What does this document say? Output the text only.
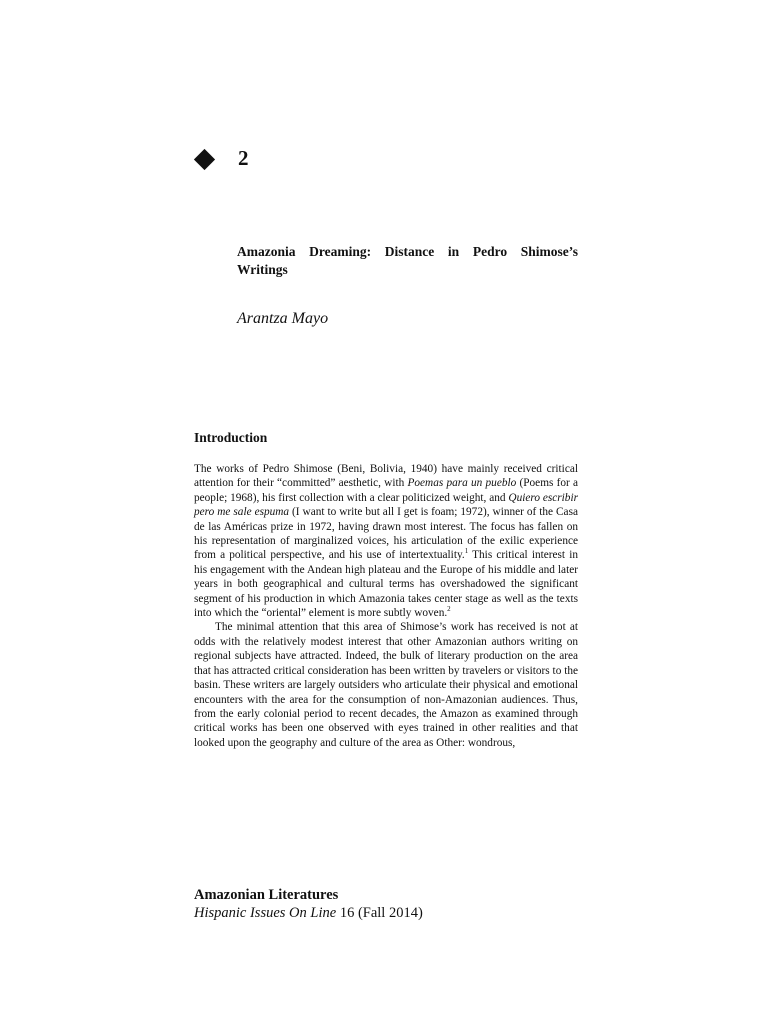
2
Amazonia Dreaming: Distance in Pedro Shimose’s Writings

Arantza Mayo

Introduction

The works of Pedro Shimose (Beni, Bolivia, 1940) have mainly received critical attention for their “committed” aesthetic, with Poemas para un pueblo (Poems for a people; 1968), his first collection with a clear politicized weight, and Quiero escribir pero me sale espuma (I want to write but all I get is foam; 1972), winner of the Casa de las Américas prize in 1972, having drawn most interest. The focus has fallen on his representation of marginalized voices, his articulation of the exilic experience from a political perspective, and his use of intertextuality.$^1$ This critical interest in his engagement with the Andean high plateau and the Europe of his middle and later years in both geographical and cultural terms has overshadowed the significant segment of his production in which Amazonia takes center stage as well as the texts into which the “oriental” element is more subtly woven.$^2$

The minimal attention that this area of Shimose’s work has received is not at odds with the relatively modest interest that other Amazonian authors writing on regional subjects have attracted. Indeed, the bulk of literary production on the area that has attracted critical consideration has been written by travelers or visitors to the basin. These writers are largely outsiders who articulate their physical and emotional encounters with the area for the consumption of non-Amazonian audiences. Thus, from the early colonial period to recent decades, the Amazon as examined through critical works has been one observed with eyes trained in other realities and that looked upon the geography and culture of the area as Other: wondrous,

Amazonian Literatures
Hispanic Issues On Line 16 (Fall 2014)
